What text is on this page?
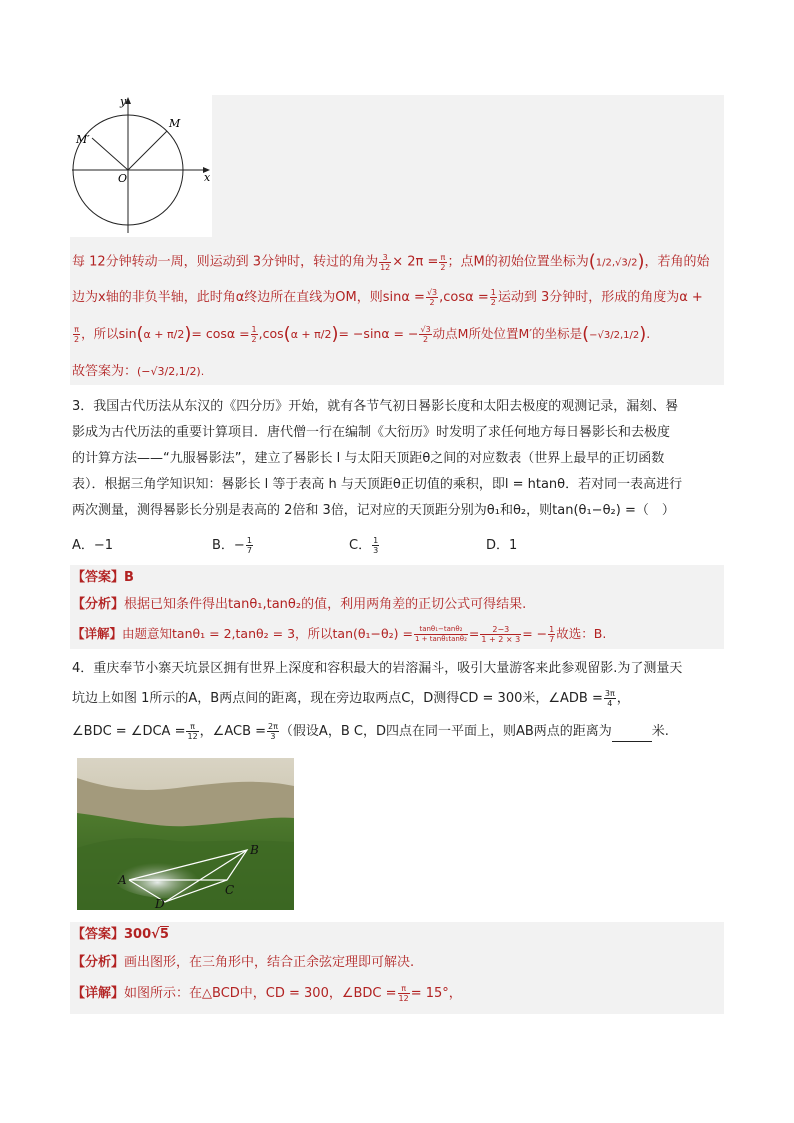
y
x
O
M
M′
每 12分钟转动一周，则运动到 3分钟时，转过的角为 $\frac{3}{12} \times 2\pi = \frac{\pi}{2}$ ；点M的初始位置坐标为(1/2,√3/2)，若角的始
边为x轴的非负半轴，此时角α终边所在直线为OM，则$\sin\alpha = \frac{√3}{2} ,\cos\alpha = \frac{1}{2}$ 运动到 3分钟时，形成的角度为α +
$\frac{\pi}{2}$ ，所以$\sin(\alpha + \pi/2)= \cos\alpha = \frac{1}{2} ,\cos(\alpha + \pi/2)= -\sin\alpha$ = − $\frac{√3}{2}$ 动点M所处位置M′的坐标是(−√3/2,1/2).
故答案为：(−√3/2,1/2).
3．我国古代历法从东汉的《四分历》开始，就有各节气初日晷影长度和太阳去极度的观测记录，漏刻、晷
影成为古代历法的重要计算项目．唐代僧一行在编制《大衍历》时发明了求任何地方每日晷影长和去极度
的计算方法——“九服晷影法”，建立了晷影长 l 与太阳天顶距θ之间的对应数表（世界上最早的正切函数
表）．根据三角学知识知：晷影长 l 等于表高 h 与天顶距θ正切值的乘积，即l = htanθ．若对同一表高进行
两次测量，测得晷影长分别是表高的 2倍和 3倍，记对应的天顶距分别为θ₁和θ₂，则tan(θ₁−θ₂) =（　）
A．−1	B．− $\frac{1}{7}$	C． $\frac{1}{3}$	D．1
【答案】B
【分析】根据已知条件得出tanθ₁,tanθ₂的值，利用两角差的正切公式可得结果.
【详解】由题意知tanθ₁ = 2,tanθ₂ = 3，所以$\tan(\theta_1-\theta_2) = \frac{\text{tanθ₁−tanθ₂}}{\text{1 + tanθ₁tanθ₂}} = \frac{2-3}{1 + 2 \times 3}$ = − $\frac{1}{7}$ 故选：B.
4．重庆奉节小寨天坑景区拥有世界上深度和容积最大的岩溶漏斗，吸引大量游客来此参观留影.为了测量天
坑边上如图 1所示的A，B两点间的距离，现在旁边取两点C，D测得CD = 300米，∠ADB = $\frac{3\pi}{4}$ ，
∠BDC = ∠DCA = $\frac{\pi}{12}$ ，∠ACB = $\frac{2\pi}{3}$ （假设A，B C，D四点在同一平面上，则AB两点的距离为	米.
A
B
C
D
【答案】300√5
【分析】画出图形，在三角形中，结合正余弦定理即可解决.
【详解】如图所示：在△BCD中，CD = 300，∠BDC = $\frac{\pi}{12} = 15^\circ$，
